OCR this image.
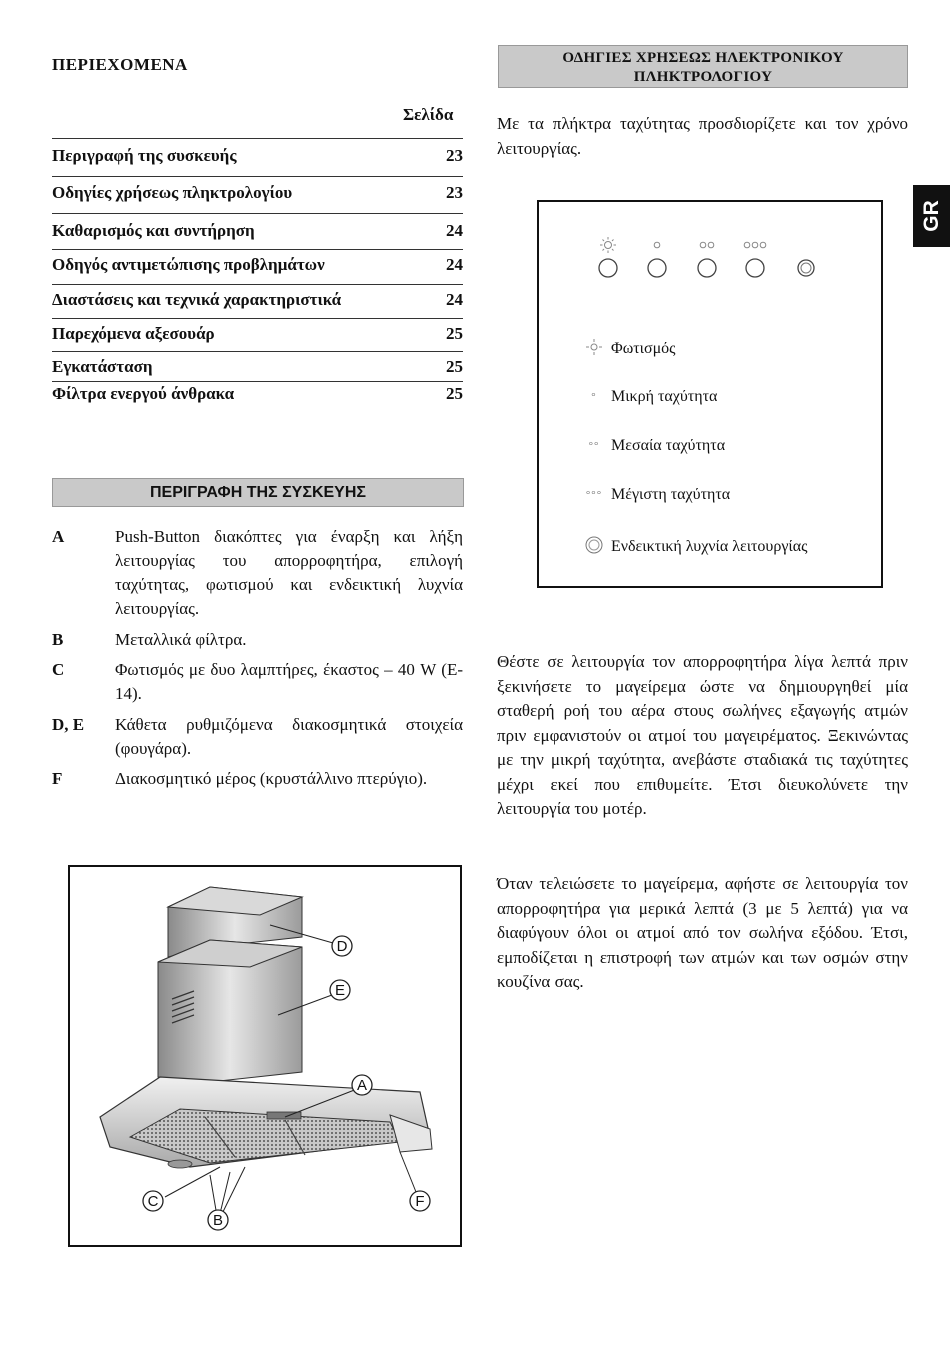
ΠΕΡΙΕΧΟΜΕΝΑ
Σελίδα
Περιγραφή της συσκευής	23
Οδηγίες χρήσεως πληκτρολογίου	23
Καθαρισμός και συντήρηση	24
Οδηγός αντιμετώπισης προβλημάτων	24
Διαστάσεις και τεχνικά χαρακτηριστικά	24
Παρεχόμενα αξεσουάρ	25
Εγκατάσταση	25
Φίλτρα ενεργού άνθρακα	25
ΠΕΡΙΓΡΑΦΗ ΤΗΣ ΣΥΣΚΕΥΗΣ
A	Push-Button διακόπτες για έναρξη και λήξη λειτουργίας του απορροφητήρα, επιλογή ταχύτητας, φωτισμού και ενδεικτική λυχνία λειτουργίας.
B	Μεταλλικά φίλτρα.
C	Φωτισμός με δυο λαμπτήρες, έκαστος – 40 W (E-14).
D, E Κάθετα ρυθμιζόμενα διακοσμητικά στοιχεία (φουγάρα).
F	Διακοσμητικό μέρος (κρυστάλλινο πτερύγιο).
D
E
A
C
B
F
ΟΔΗΓΙΕΣ ΧΡΗΣΕΩΣ ΗΛΕΚΤΡΟΝΙΚΟΥ
ΠΛΗΚΤΡΟΛΟΓΙΟΥ
Με τα πλήκτρα ταχύτητας προσδιορίζετε και τον χρόνο λειτουργίας.
Φωτισμός
° Μικρή ταχύτητα
°° Μεσαία ταχύτητα
°°° Μέγιστη ταχύτητα
Ενδεικτική λυχνία λειτουργίας
Θέστε σε λειτουργία τον απορροφητήρα λίγα λεπτά πριν ξεκινήσετε το μαγείρεμα ώστε να δημιουργηθεί μία σταθερή ροή του αέρα στους σωλήνες εξαγωγής ατμών πριν εμφανιστούν οι ατμοί του μαγειρέματος. Ξεκινώντας με την μικρή ταχύτητα, ανεβάστε σταδιακά τις ταχύτητες μέχρι εκεί που επιθυμείτε. Έτσι διευκολύνετε την λειτουργία του μοτέρ.
Όταν τελειώσετε το μαγείρεμα, αφήστε σε λειτουργία τον απορροφητήρα για μερικά λεπτά (3 με 5 λεπτά) για να διαφύγουν όλοι οι ατμοί από τον σωλήνα εξόδου. Έτσι, εμποδίζεται η επιστροφή των ατμών και των οσμών στην κουζίνα σας.
GR
